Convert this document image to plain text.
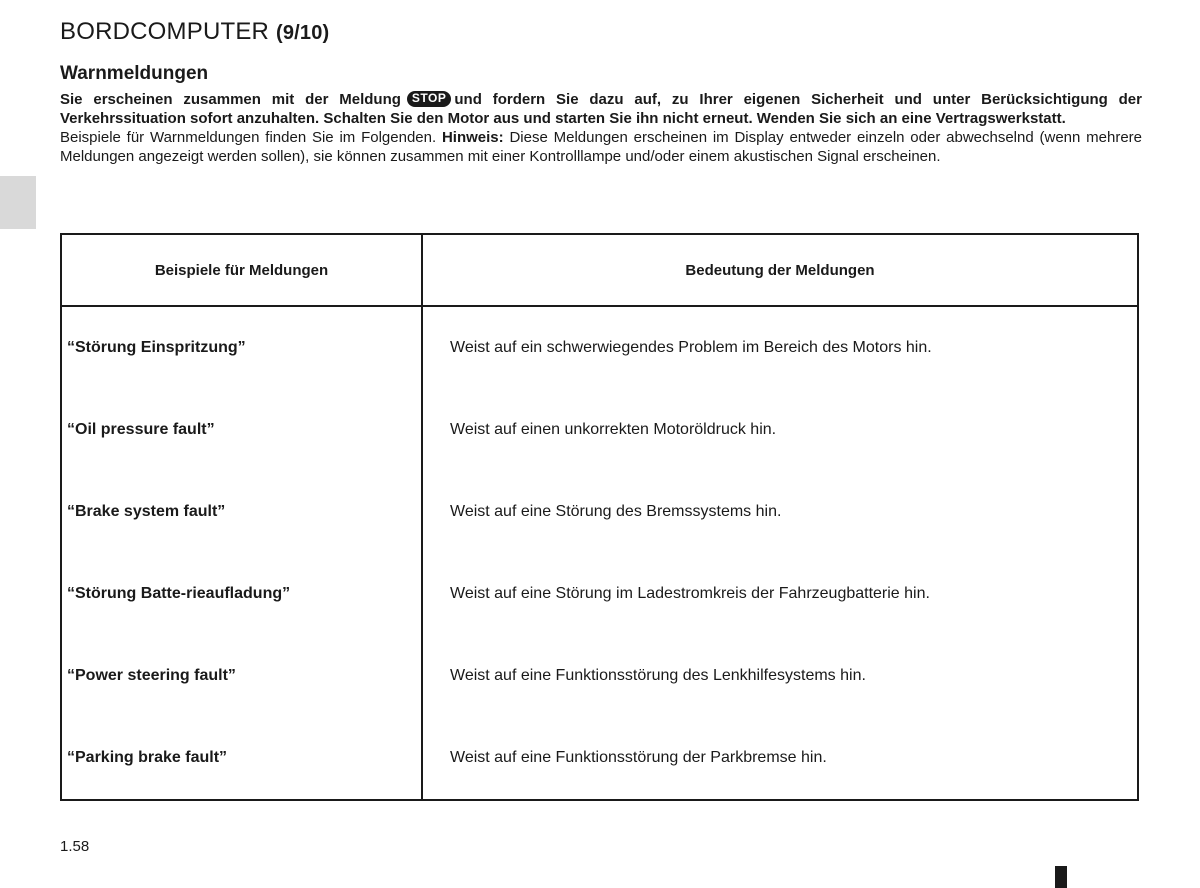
BORDCOMPUTER (9/10)
Warnmeldungen

Sie erscheinen zusammen mit der Meldung STOP und fordern Sie dazu auf, zu Ihrer eigenen Sicherheit und unter Berücksichtigung der Verkehrssituation sofort anzuhalten. Schalten Sie den Motor aus und starten Sie ihn nicht erneut. Wenden Sie sich an eine Vertragswerkstatt.

Beispiele für Warnmeldungen finden Sie im Folgenden. Hinweis: Diese Meldungen erscheinen im Display entweder einzeln oder abwechselnd (wenn mehrere Meldungen angezeigt werden sollen), sie können zusammen mit einer Kontrolllampe und/oder einem akustischen Signal erscheinen.

Beispiele für Meldungen	Bedeutung der Meldungen
“Störung Einspritzung”	Weist auf ein schwerwiegendes Problem im Bereich des Motors hin.
“Oil pressure fault”	Weist auf einen unkorrekten Motoröldruck hin.
“Brake system fault”	Weist auf eine Störung des Bremssystems hin.
“Störung Batte-rieaufladung”	Weist auf eine Störung im Ladestromkreis der Fahrzeugbatterie hin.
“Power steering fault”	Weist auf eine Funktionsstörung des Lenkhilfesystems hin.
“Parking brake fault”	Weist auf eine Funktionsstörung der Parkbremse hin.
1.58
